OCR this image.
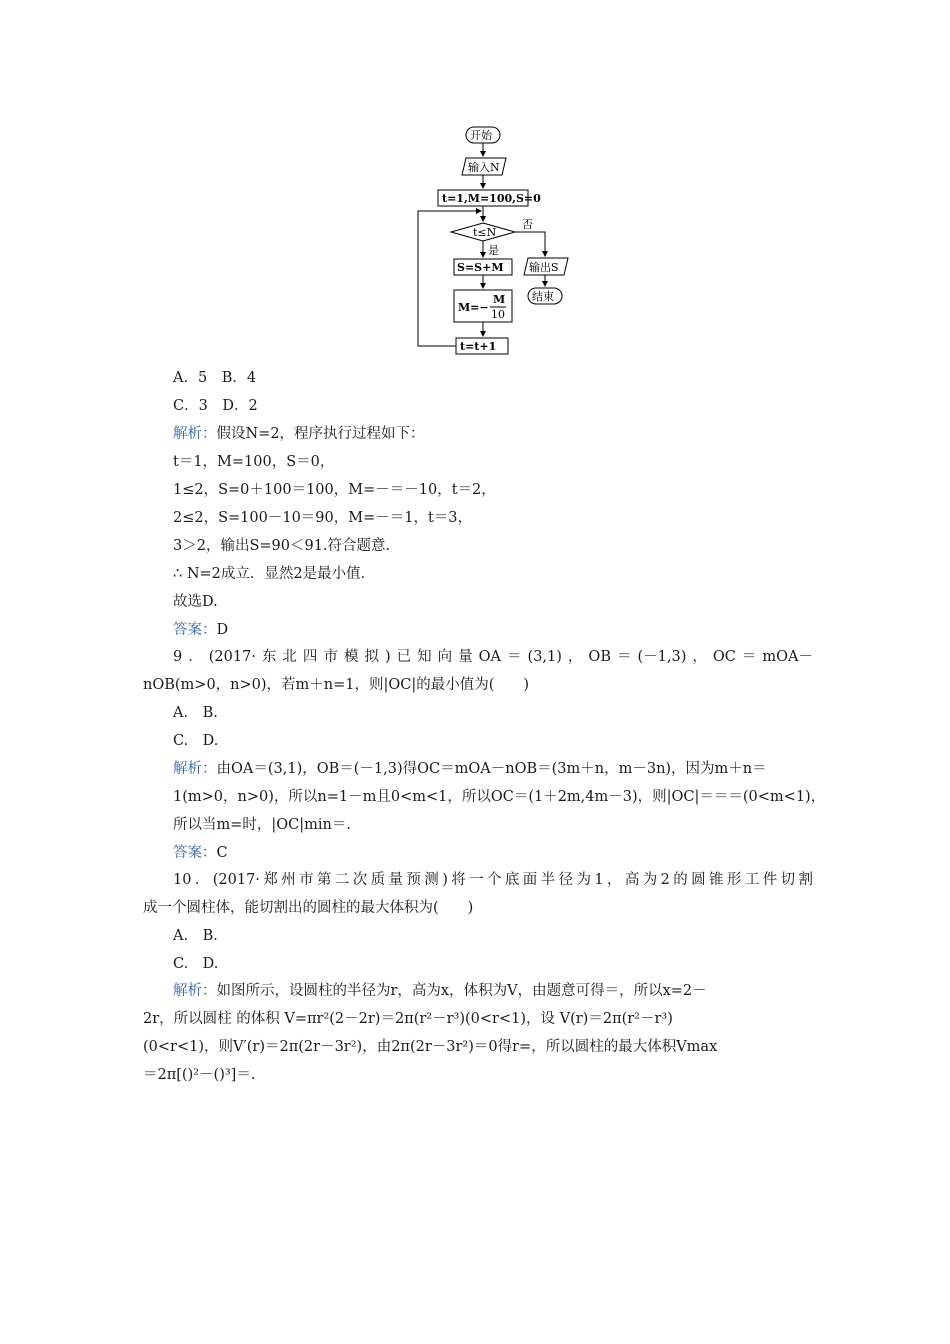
开始
输入N
t=1,M=100,S=0
t≤N
否
是
S=S+M
M=−
M
10
t=t+1
输出S
结束
A．5　B．4
C．3　D．2
解析：假设N=2，程序执行过程如下：
t＝1，M=100，S＝0，
1≤2，S=0＋100＝100，M=－＝－10，t＝2，
2≤2，S=100－10＝90，M=－＝1，t＝3，
3＞2，输出S=90＜91.符合题意.
∴ N=2成立．显然2是最小值．
故选D.
答案：D
9．(2017·东北四市模拟)已知向量OA＝(3,1)，OB＝(－1,3)，OC＝mOA－
nOB(m>0，n>0)，若m＋n=1，则|OC|的最小值为(　　)
A.　B.
C.　D.
解析：由OA＝(3,1)，OB＝(－1,3)得OC＝mOA－nOB＝(3m＋n，m－3n)，因为m＋n＝
1(m>0，n>0)，所以n=1－m且0<m<1，所以OC＝(1＋2m,4m－3)，则|OC|＝＝＝(0<m<1)，
所以当m=时，|OC|min＝.
答案：C
10．(2017·郑州市第二次质量预测)将一个底面半径为1，高为2的圆锥形工件切割
成一个圆柱体，能切割出的圆柱的最大体积为(　　)
A.　B.
C.　D.
解析：如图所示，设圆柱的半径为r，高为x，体积为V，由题意可得＝，所以x=2－
2r，所以圆柱 的体积 V=πr²(2－2r)＝2π(r²－r³)(0<r<1)，设 V(r)＝2π(r²－r³)
(0<r<1)，则V′(r)＝2π(2r－3r²)，由2π(2r－3r²)＝0得r=，所以圆柱的最大体积Vmax
＝2π[()²－()³]＝.
